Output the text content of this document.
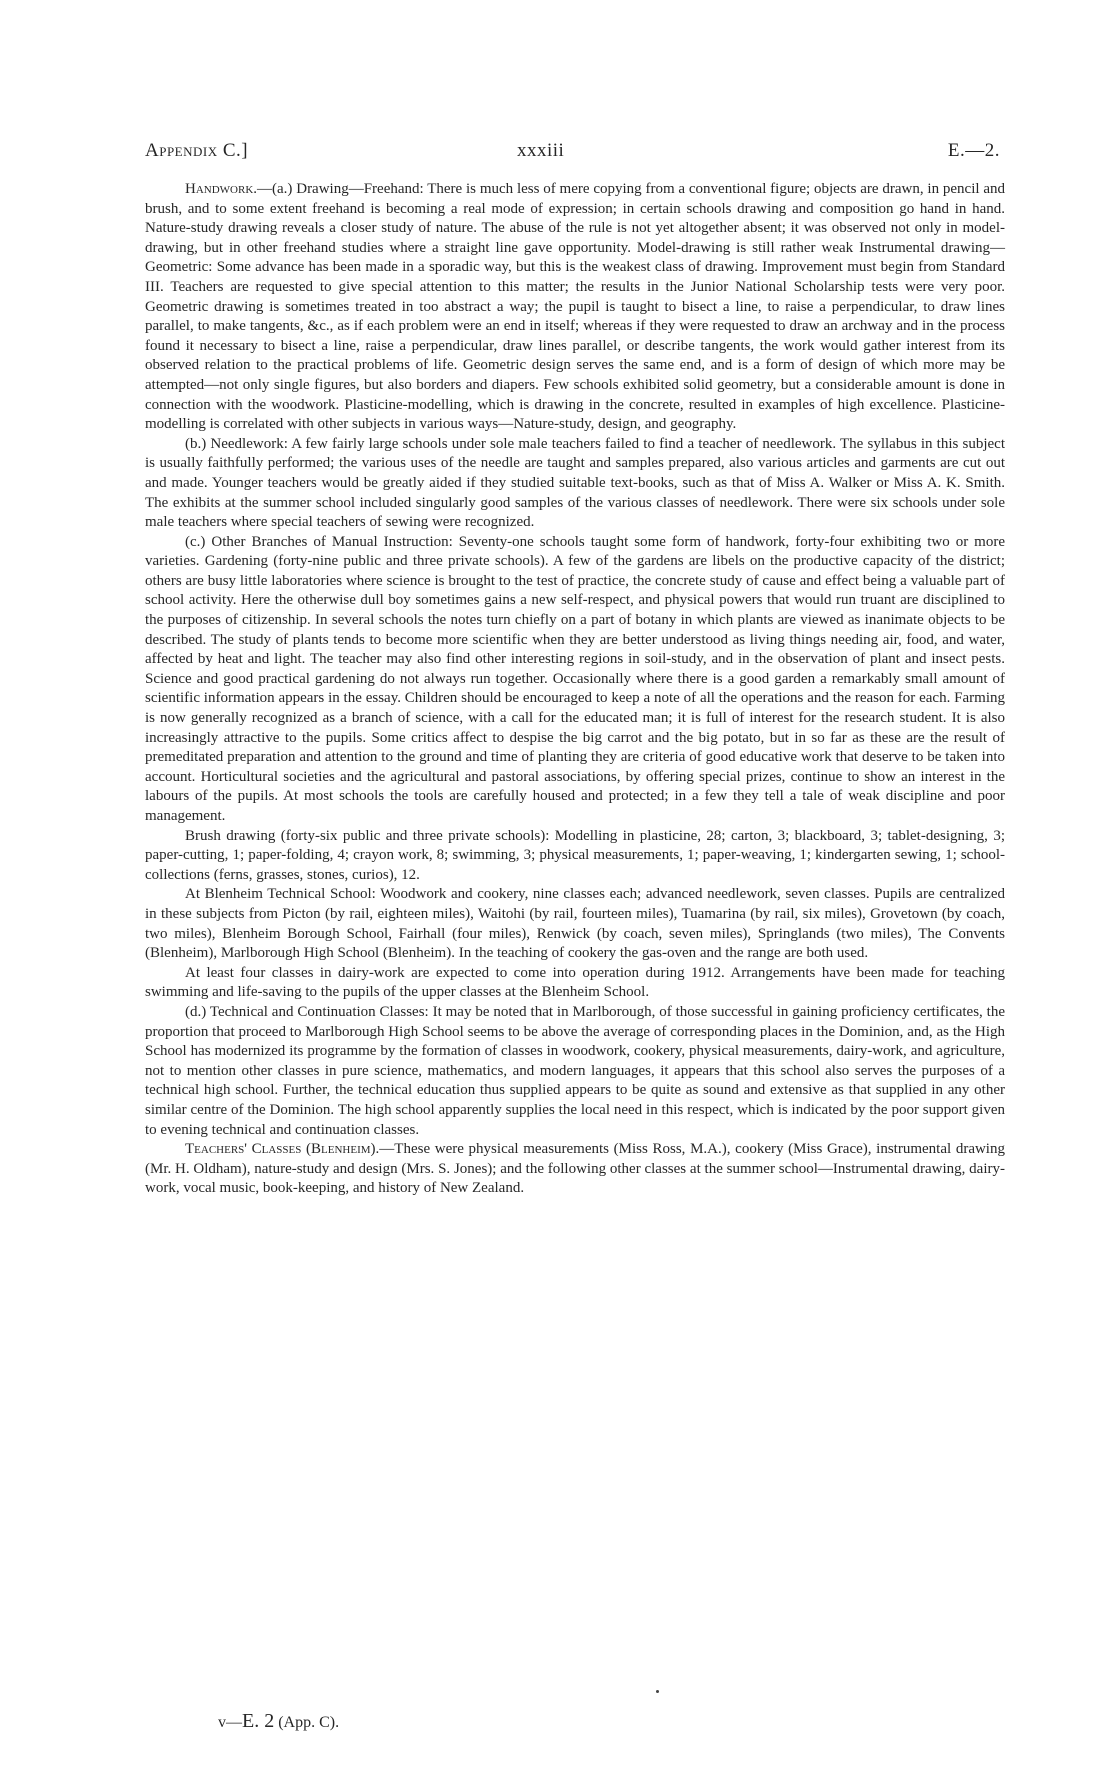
Appendix C.]	xxxiii	E.—2.

Handwork.—(a.) Drawing—Freehand: There is much less of mere copying from a conventional figure; objects are drawn, in pencil and brush, and to some extent freehand is becoming a real mode of expression; in certain schools drawing and composition go hand in hand. Nature-study drawing reveals a closer study of nature. The abuse of the rule is not yet altogether absent; it was observed not only in model-drawing, but in other freehand studies where a straight line gave opportunity. Model-drawing is still rather weak Instrumental drawing—Geometric: Some advance has been made in a sporadic way, but this is the weakest class of drawing. Improvement must begin from Standard III. Teachers are requested to give special attention to this matter; the results in the Junior National Scholarship tests were very poor. Geometric drawing is sometimes treated in too abstract a way; the pupil is taught to bisect a line, to raise a perpendicular, to draw lines parallel, to make tangents, &c., as if each problem were an end in itself; whereas if they were requested to draw an archway and in the process found it necessary to bisect a line, raise a perpendicular, draw lines parallel, or describe tangents, the work would gather interest from its observed relation to the practical problems of life. Geometric design serves the same end, and is a form of design of which more may be attempted—not only single figures, but also borders and diapers. Few schools exhibited solid geometry, but a considerable amount is done in connection with the woodwork. Plasticine-modelling, which is drawing in the concrete, resulted in examples of high excellence. Plasticine-modelling is correlated with other subjects in various ways—Nature-study, design, and geography.

(b.) Needlework: A few fairly large schools under sole male teachers failed to find a teacher of needlework. The syllabus in this subject is usually faithfully performed; the various uses of the needle are taught and samples prepared, also various articles and garments are cut out and made. Younger teachers would be greatly aided if they studied suitable text-books, such as that of Miss A. Walker or Miss A. K. Smith. The exhibits at the summer school included singularly good samples of the various classes of needlework. There were six schools under sole male teachers where special teachers of sewing were recognized.

(c.) Other Branches of Manual Instruction: Seventy-one schools taught some form of handwork, forty-four exhibiting two or more varieties. Gardening (forty-nine public and three private schools). A few of the gardens are libels on the productive capacity of the district; others are busy little laboratories where science is brought to the test of practice, the concrete study of cause and effect being a valuable part of school activity. Here the otherwise dull boy sometimes gains a new self-respect, and physical powers that would run truant are disciplined to the purposes of citizenship. In several schools the notes turn chiefly on a part of botany in which plants are viewed as inanimate objects to be described. The study of plants tends to become more scientific when they are better understood as living things needing air, food, and water, affected by heat and light. The teacher may also find other interesting regions in soil-study, and in the observation of plant and insect pests. Science and good practical gardening do not always run together. Occasionally where there is a good garden a remarkably small amount of scientific information appears in the essay. Children should be encouraged to keep a note of all the operations and the reason for each. Farming is now generally recognized as a branch of science, with a call for the educated man; it is full of interest for the research student. It is also increasingly attractive to the pupils. Some critics affect to despise the big carrot and the big potato, but in so far as these are the result of premeditated preparation and attention to the ground and time of planting they are criteria of good educative work that deserve to be taken into account. Horticultural societies and the agricultural and pastoral associations, by offering special prizes, continue to show an interest in the labours of the pupils. At most schools the tools are carefully housed and protected; in a few they tell a tale of weak discipline and poor management.

Brush drawing (forty-six public and three private schools): Modelling in plasticine, 28; carton, 3; blackboard, 3; tablet-designing, 3; paper-cutting, 1; paper-folding, 4; crayon work, 8; swimming, 3; physical measurements, 1; paper-weaving, 1; kindergarten sewing, 1; school-collections (ferns, grasses, stones, curios), 12.

At Blenheim Technical School: Woodwork and cookery, nine classes each; advanced needlework, seven classes. Pupils are centralized in these subjects from Picton (by rail, eighteen miles), Waitohi (by rail, fourteen miles), Tuamarina (by rail, six miles), Grovetown (by coach, two miles), Blenheim Borough School, Fairhall (four miles), Renwick (by coach, seven miles), Springlands (two miles), The Convents (Blenheim), Marlborough High School (Blenheim). In the teaching of cookery the gas-oven and the range are both used.

At least four classes in dairy-work are expected to come into operation during 1912. Arrangements have been made for teaching swimming and life-saving to the pupils of the upper classes at the Blenheim School.

(d.) Technical and Continuation Classes: It may be noted that in Marlborough, of those successful in gaining proficiency certificates, the proportion that proceed to Marlborough High School seems to be above the average of corresponding places in the Dominion, and, as the High School has modernized its programme by the formation of classes in woodwork, cookery, physical measurements, dairy-work, and agriculture, not to mention other classes in pure science, mathematics, and modern languages, it appears that this school also serves the purposes of a technical high school. Further, the technical education thus supplied appears to be quite as sound and extensive as that supplied in any other similar centre of the Dominion. The high school apparently supplies the local need in this respect, which is indicated by the poor support given to evening technical and continuation classes.

Teachers' Classes (Blenheim).—These were physical measurements (Miss Ross, M.A.), cookery (Miss Grace), instrumental drawing (Mr. H. Oldham), nature-study and design (Mrs. S. Jones); and the following other classes at the summer school—Instrumental drawing, dairy-work, vocal music, book-keeping, and history of New Zealand.

v—E. 2 (App. C).
